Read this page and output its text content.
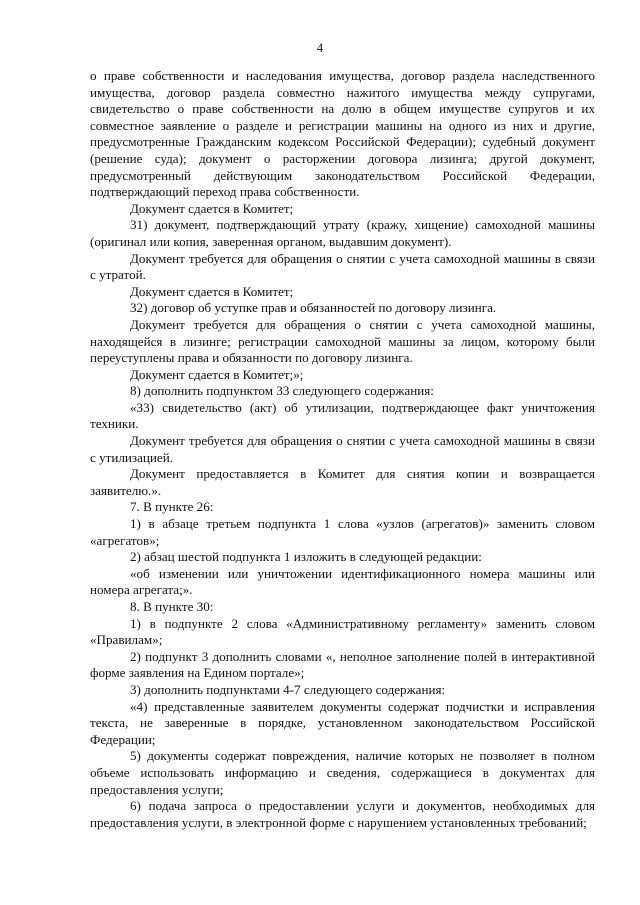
4

о праве собственности и наследования имущества, договор раздела наследственного имущества, договор раздела совместно нажитого имущества между супругами, свидетельство о праве собственности на долю в общем имуществе супругов и их совместное заявление о разделе и регистрации машины на одного из них и другие, предусмотренные Гражданским кодексом Российской Федерации); судебный документ (решение суда); документ о расторжении договора лизинга; другой документ, предусмотренный действующим законодательством Российской Федерации, подтверждающий переход права собственности.

Документ сдается в Комитет;

31) документ, подтверждающий утрату (кражу, хищение) самоходной машины (оригинал или копия, заверенная органом, выдавшим документ).

Документ требуется для обращения о снятии с учета самоходной машины в связи с утратой.

Документ сдается в Комитет;

32) договор об уступке прав и обязанностей по договору лизинга.

Документ требуется для обращения о снятии с учета самоходной машины, находящейся в лизинге; регистрации самоходной машины за лицом, которому были переуступлены права и обязанности по договору лизинга.

Документ сдается в Комитет;»;

8) дополнить подпунктом 33 следующего содержания:

«33) свидетельство (акт) об утилизации, подтверждающее факт уничтожения техники.

Документ требуется для обращения о снятии с учета самоходной машины в связи с утилизацией.

Документ предоставляется в Комитет для снятия копии и возвращается заявителю.».

7. В пункте 26:

1) в абзаце третьем подпункта 1 слова «узлов (агрегатов)» заменить словом «агрегатов»;

2) абзац шестой подпункта 1 изложить в следующей редакции:

«об изменении или уничтожении идентификационного номера машины или номера агрегата;».

8. В пункте 30:

1) в подпункте 2 слова «Административному регламенту» заменить словом «Правилам»;

2) подпункт 3 дополнить словами «, неполное заполнение полей в интерактивной форме заявления на Едином портале»;

3) дополнить подпунктами 4-7 следующего содержания:

«4) представленные заявителем документы содержат подчистки и исправления текста, не заверенные в порядке, установленном законодательством Российской Федерации;

5) документы содержат повреждения, наличие которых не позволяет в полном объеме использовать информацию и сведения, содержащиеся в документах для предоставления услуги;

6) подача запроса о предоставлении услуги и документов, необходимых для предоставления услуги, в электронной форме с нарушением установленных требований;
